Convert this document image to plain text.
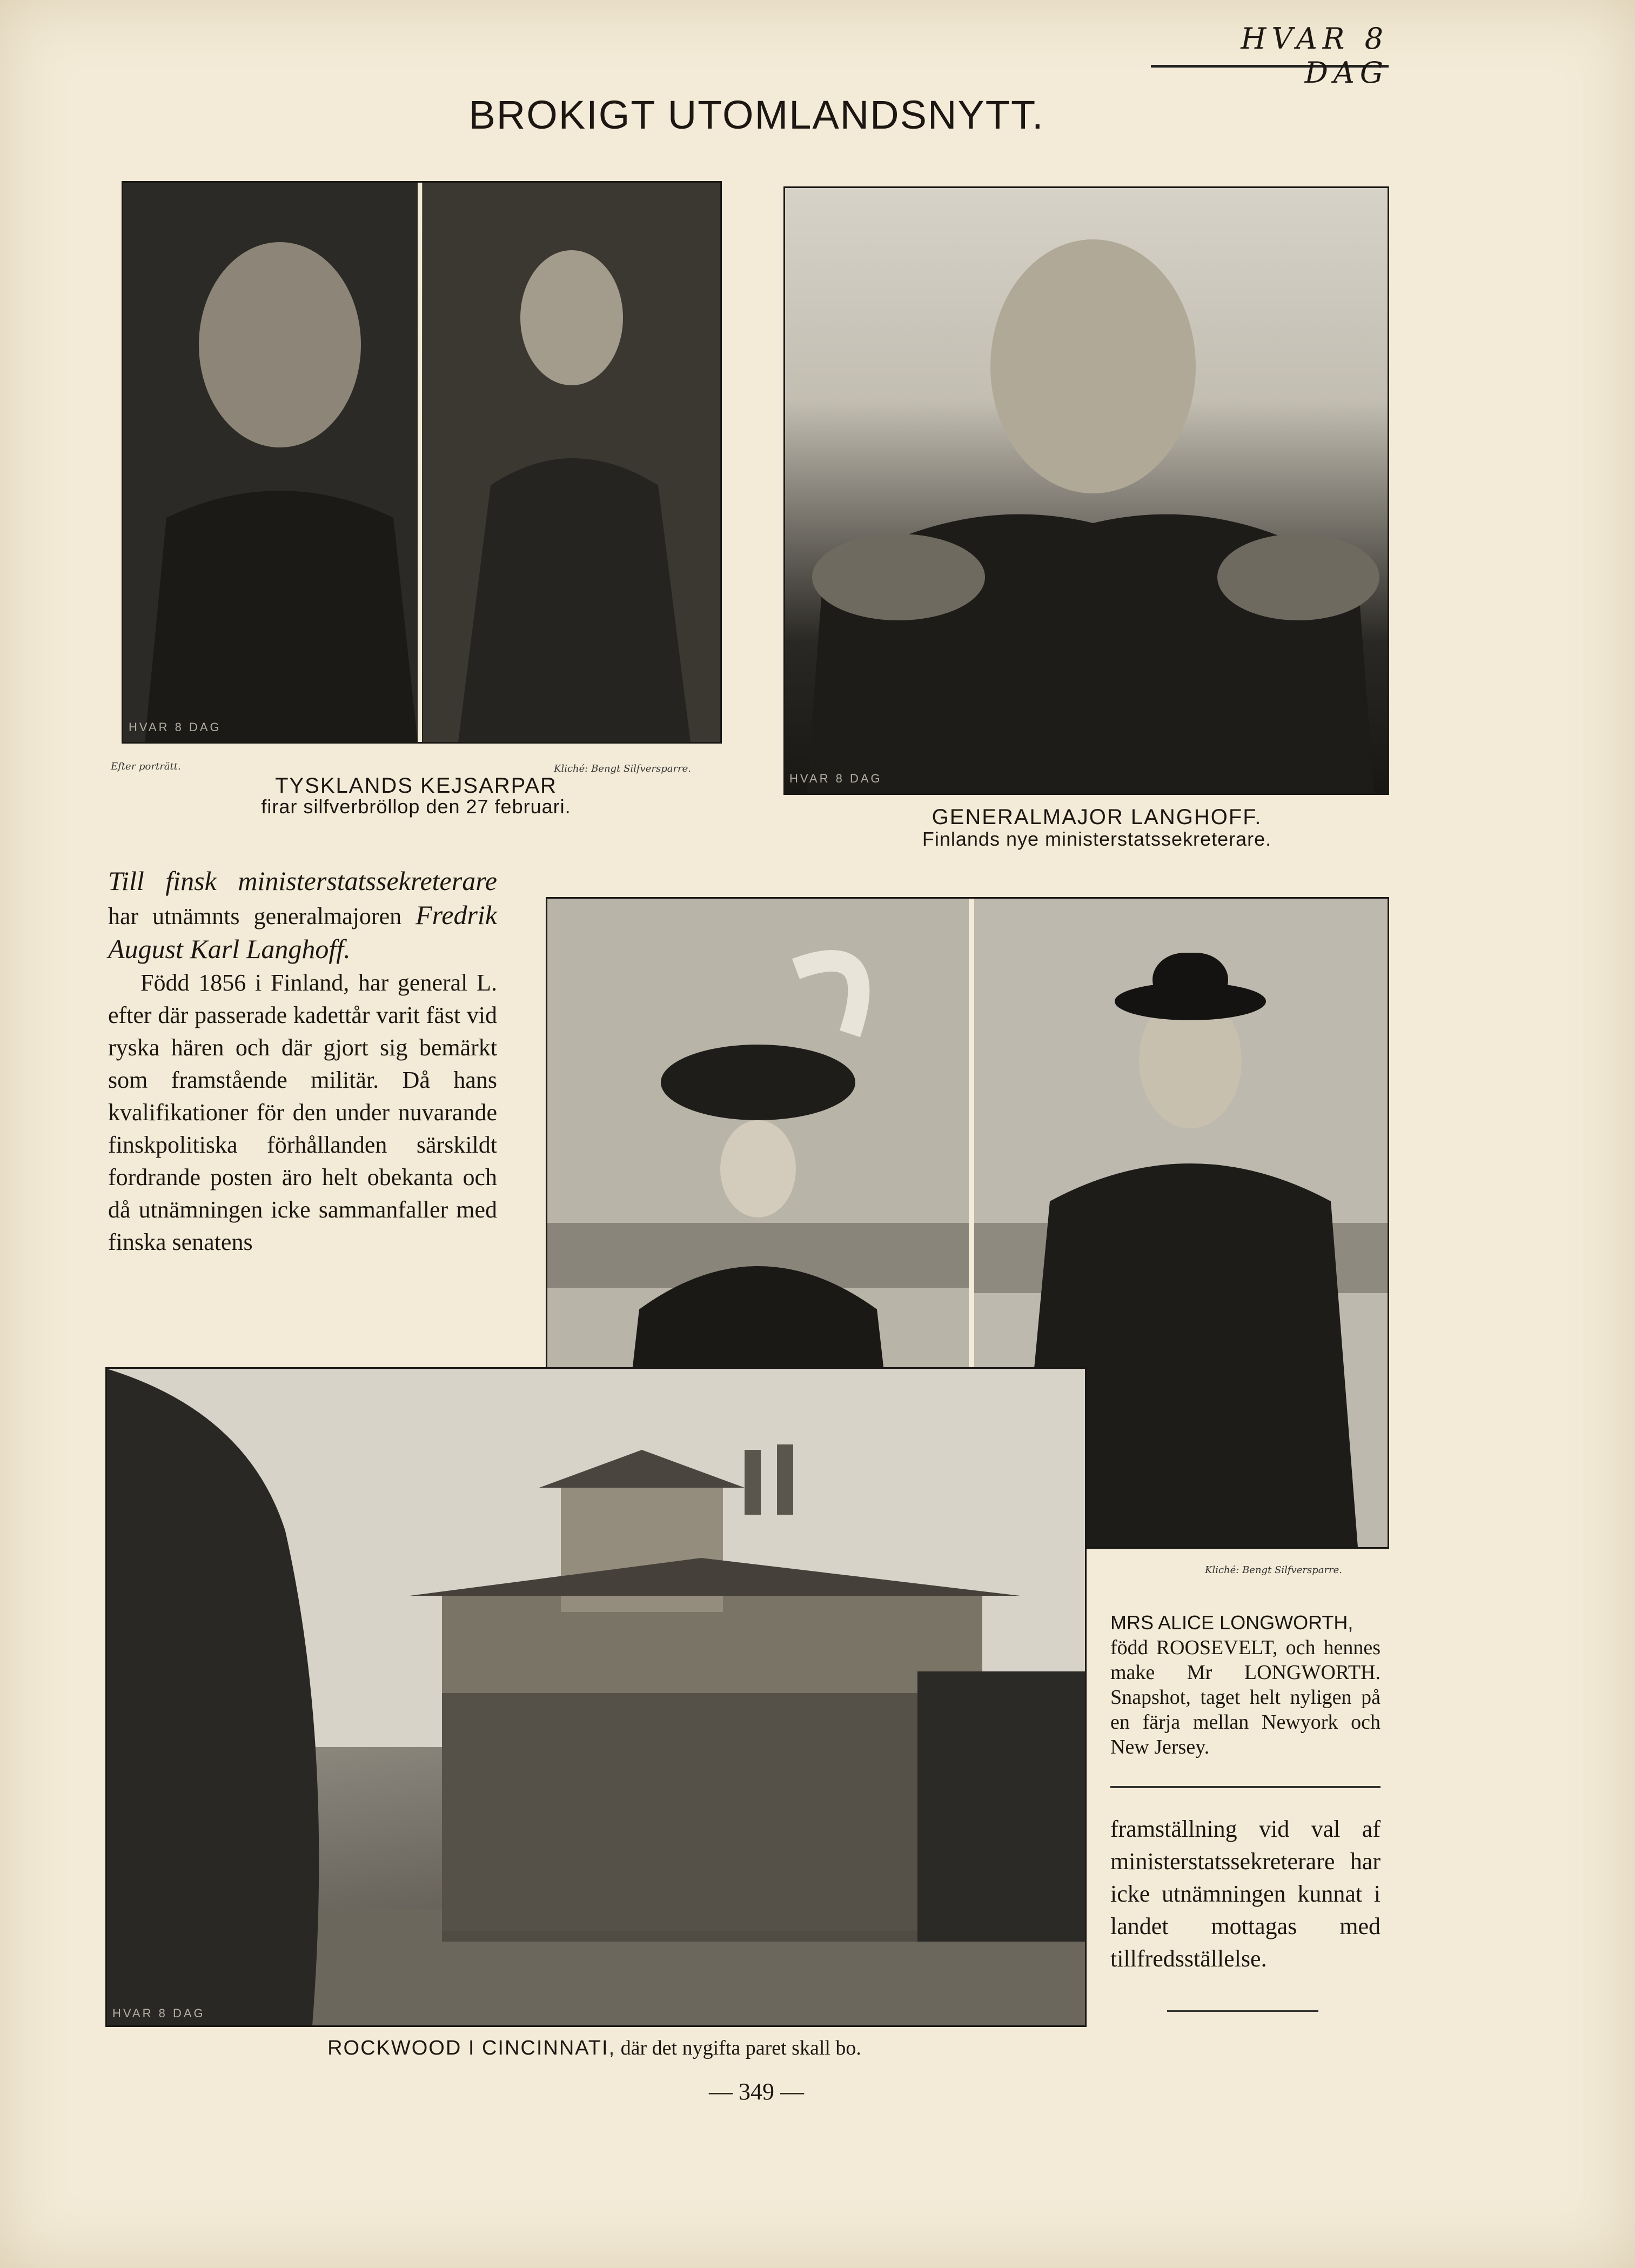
HVAR 8 DAG
BROKIGT UTOMLANDSNYTT.
HVAR 8 DAG
Efter porträtt.	Kliché: Bengt Silfversparre.
TYSKLANDS KEJSARPAR
firar silfverbröllop den 27 februari.
HVAR 8 DAG
GENERALMAJOR LANGHOFF.
Finlands nye ministerstatssekreterare.
Till finsk ministerstatssekreterare har utnämnts generalmajoren Fredrik August Karl Langhoff.
Född 1856 i Finland, har general L. efter där passerade kadettår varit fäst vid ryska hären och där gjort sig bemärkt som framstående militär. Då hans kvalifikationer för den under nuvarande finskpolitiska förhållanden särskildt fordrande posten äro helt obekanta och då utnämningen icke sammanfaller med finska senatens
Kliché: Bengt Silfversparre.
MRS ALICE LONGWORTH,
född ROOSEVELT, och hennes make Mr LONGWORTH. Snapshot, taget helt nyligen på en färja mellan Newyork och New Jersey.
framställning vid val af ministerstatssekreterare har icke utnämningen kunnat i landet mottagas med tillfredsställelse.
HVAR 8 DAG
ROCKWOOD I CINCINNATI, där det nygifta paret skall bo.
— 349 —
